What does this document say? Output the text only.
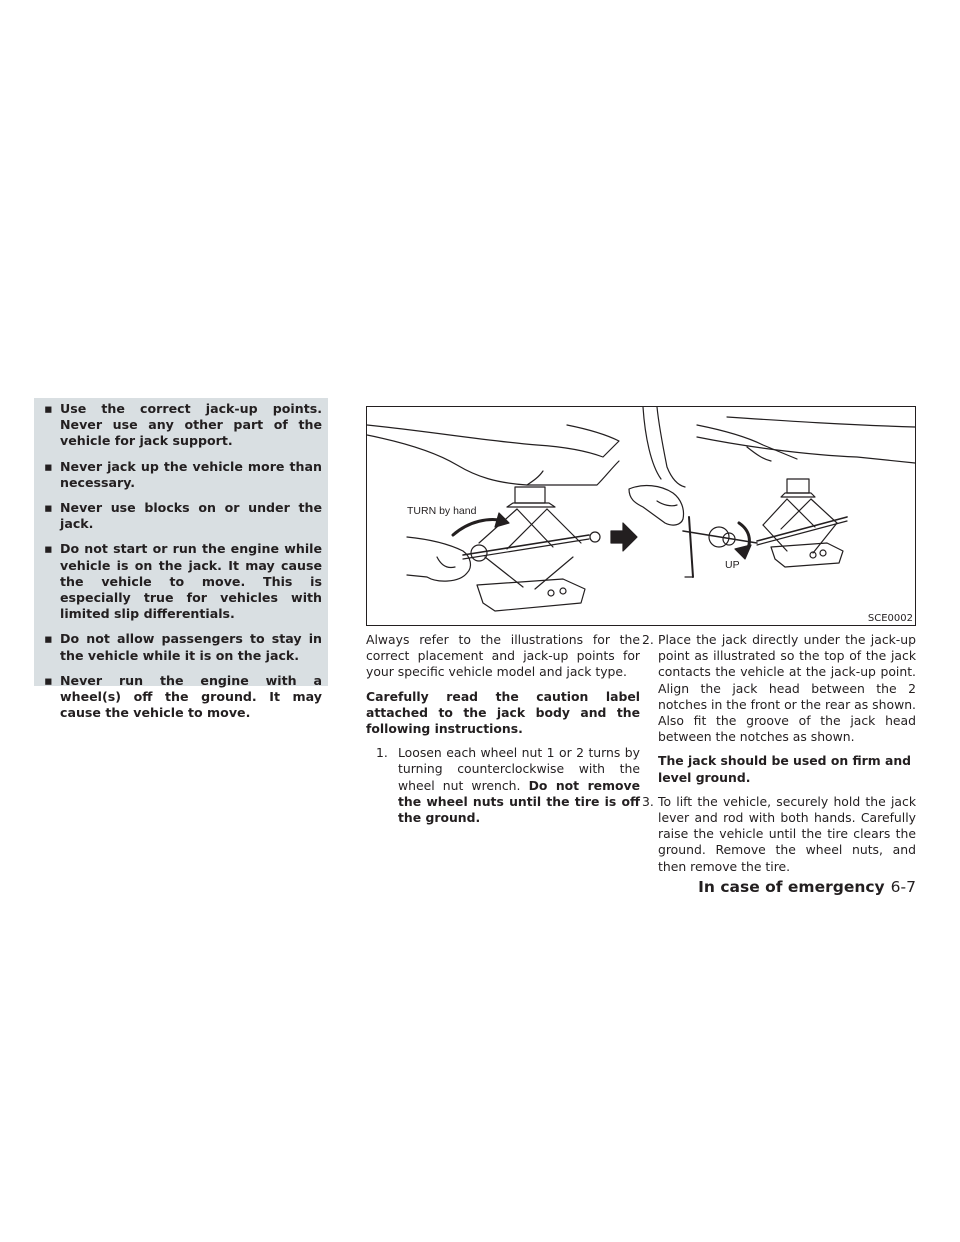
▪ Use the correct jack-up points. Never use any other part of the vehicle for jack support.
▪ Never jack up the vehicle more than necessary.
▪ Never use blocks on or under the jack.
▪ Do not start or run the engine while vehicle is on the jack. It may cause the vehicle to move. This is especially true for vehicles with limited slip differentials.
▪ Do not allow passengers to stay in the vehicle while it is on the jack.
▪ Never run the engine with a wheel(s) off the ground. It may cause the vehicle to move.
TURN by hand
UP
SCE0002

Always refer to the illustrations for the correct placement and jack-up points for your specific vehicle model and jack type.

Carefully read the caution label attached to the jack body and the following instructions.

1. Loosen each wheel nut 1 or 2 turns by turning counterclockwise with the wheel nut wrench. Do not remove the wheel nuts until the tire is off the ground.
2. Place the jack directly under the jack-up point as illustrated so the top of the jack contacts the vehicle at the jack-up point. Align the jack head between the 2 notches in the front or the rear as shown. Also fit the groove of the jack head between the notches as shown.
The jack should be used on firm and level ground.
3. To lift the vehicle, securely hold the jack lever and rod with both hands. Carefully raise the vehicle until the tire clears the ground. Remove the wheel nuts, and then remove the tire.
In case of emergency 6-7
